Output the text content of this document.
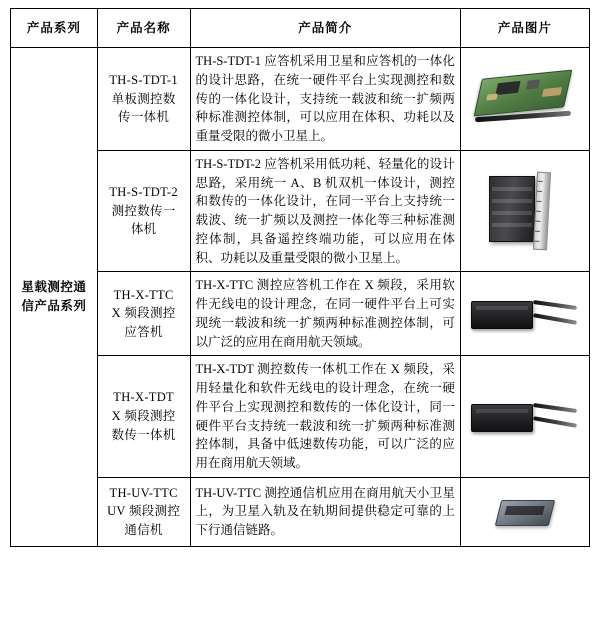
产品系列	产品名称	产品简介	产品图片
星载测控通信产品系列	TH-S-TDT-1
单板测控数
传一体机	TH-S-TDT-1 应答机采用卫星和应答机的一体化的设计思路，在统一硬件平台上实现测控和数传的一体化设计，支持统一载波和统一扩频两种标准测控体制，可以应用在体积、功耗以及重量受限的微小卫星上。	

	TH-S-TDT-2
测控数传一
体机	TH-S-TDT-2 应答机采用低功耗、轻量化的设计思路，采用统一 A、B 机双机一体设计，测控和数传的一体化设计，在同一平台上支持统一载波、统一扩频以及测控一体化等三种标准测控体制，具备遥控终端功能，可以应用在体积、功耗以及重量受限的微小卫星上。	

	TH-X-TTC
X 频段测控
应答机	TH-X-TTC 测控应答机工作在 X 频段，采用软件无线电的设计理念，在同一硬件平台上可实现统一载波和统一扩频两种标准测控体制，可以广泛的应用在商用航天领域。	

	TH-X-TDT
X 频段测控
数传一体机	TH-X-TDT 测控数传一体机工作在 X 频段，采用轻量化和软件无线电的设计理念，在统一硬件平台上实现测控和数传的一体化设计，同一硬件平台支持统一载波和统一扩频两种标准测控体制，具备中低速数传功能，可以广泛的应用在商用航天领域。	

	TH-UV-TTC
UV 频段测控
通信机	TH-UV-TTC 测控通信机应用在商用航天小卫星上，为卫星入轨及在轨期间提供稳定可靠的上下行通信链路。	
